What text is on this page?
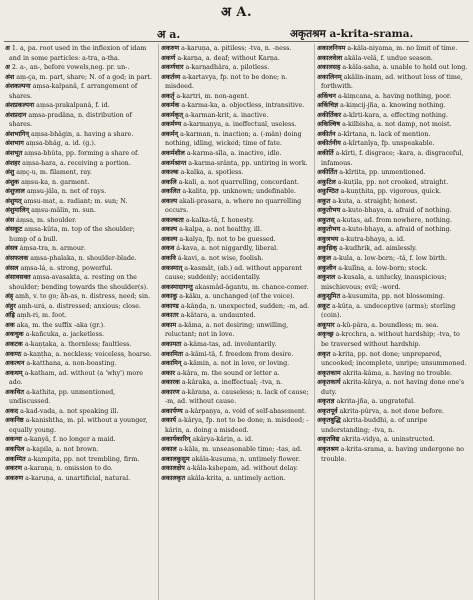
अ A.
अ a.	अकृतश्रम a-krita-srama.

अ 1. a, pa. root used in the inflexion of idam and in some particles: a-tra, a-tha.

अ 2. a-, an-, before vowels,neg. pr. un-.

अंश aṃ-ça, m. part, share; N. of a god; in part.

अंशकल्पना aṃsa-kalpanâ, f. arrangement of shares.

अंशप्रकल्पना aṃsa-prakalpanâ, f. id.

अंशप्रदान aṃsa-pradâna, n. distribution of shares.

अंशभागिन् aṃsa-bhâgin, a. having a share.

अंशभाग aṃsa-bhâg, a. id. (g.).

अंशभूत aṃsa-bhûta, pp. forming a share of.

अंशहर aṃsa-hara, a. receiving a portion.

अंशु aṃç-u, m. filament, ray.

अंशुक aṃsu-ka, n. garment.

अंशुजाल aṃsu-jâla, n. net of rays.

अंशुमत् aṃsu-mat, a. radiant; m. sun; N.

अंशुमालिन् aṃsu-mâlin, m. sun.

अंस áṃsa, m. shoulder.

अंसकूट aṃsa-kûta, m. top of the shoulder; hump of a bull.

अंसत्र áṃsa-tra, n. armour.

अंसफलक aṃsa-phalaka, n. shoulder-blade.

अंसल aṃsa-lá, a. strong, powerful.

अंसावसक्त aṃsa-avasakta, a. resting on the shoulder; bending towards the shoulder(s).

अंह् aṃh, v. to go; ǎh-as, n. distress, need; sin.

अंहुर aṃh-urá, a. distressed; anxious; close.

अंह्रि aṃh-ri, m. foot.

अक aka, m. the suffix -aka (gr.).

अकचुक a-kañcuka, a. jacketless.

अकटक a-kaṇṭaka, a. thornless; faultless.

अकण्ठ a-kaṇṭha, a. neckless; voiceless, hoarse.

अकत्थन a-katthana, a. non-boasting.

अकथम् a-katham, ad. without (a 'why') more ado.

अकथित a-kathita, pp. unmentioned, undiscussed.

अकद a-kad-vada, a. not speaking ill.

अकनिष्ठ a-kanishtha, m. pl. without a younger, equally young.

अकन्या a-kanyâ, f. no longer a maid.

अकपिल a-kapila, a. not brown.

अकम्पित a-kampita, pp. not trembling, firm.

अकरण a-karaṇa, n. omission to do.

अकरुण a-karuṇa, a. unartificial, natural.

अकरुण a-karuṇa, a. pitiless; -tva, n. -ness.

अकर्ण a-karṇa, a. deaf; without Karṇa.

अकर्णधार a-karṇadhâra, a. pilotless.

अकर्तव्य a-kartavya, fp. not to be done; n. misdeed.

अकर्तृ a-kartri, m. non-agent.

अकर्मक a-karma-ka, a. objectless, intransitive.

अकर्मकृत् a-karman-krit, a. inactive.

अकर्मण्य a-karmaṇya, a. ineffectual, useless.

अकर्मन् a-karman, n. inaction; a. (-mân) doing nothing, idling, wicked; time of fate.

अकर्मशील a-karma-sîla, a. inactive, idle.

अकर्मश्रान्त a-karma-srânta, pp. untiring in work.

अकल्क a-kalka, a. spotless.

अकलि a-kali, a. not quarrelling, concordant.

अकलित a-kalita, pp. unknown; undefinable.

अकल्प akali-prasara, a. where no quarrelling occurs.

अकल्कता a-kalka-tâ, f. honesty.

अकल्प a-kalpa, a. not healthy, ill.

अकल्य a-kalya, fp. not to be guessed.

अकव á-kava, a. not niggardly, liberal.

अकवि á-kavi, a. not wise, foolish.

अकस्मात् a-kasmât, (ab.) ad. without apparent cause; suddenly; accidentally.

अकस्मादागन्तु akasmâd-âgantu, m. chance-comer.

अकाकु a-kâku, a. unchanged (of the voice).

अकाण्ड a-kâṇḍa, n. unexpected, sudden; -m, ad.

अकातर a-kâtara, a. undaunted.

अकाम a-kâma, a. not desiring; unwilling, reluctant; not in love.

अकामता a-kâma-tas, ad. involuntarily.

अकामिता a-kâmi-tâ, f. freedom from desire.

अकामिन् a-kâmin, a. not in love, or loving.

अकार a-kâra, m. the sound or letter a.

अकारक a-kâraka, a. ineffectual; -tva, n.

अकारण a-kâraṇa, a. causeless; n. lack of cause; -m, ad. without cause.

अकार्पण्य a-kârpaṇya, a. void of self-abasement.

अकार्य a-kârya, fp. not to be done; n. misdeed; -kârin, a. doing a misdeed.

अकार्यकारिन् akârya-kârin, a. id.

अकाल a-kâla, m. unseasonable time; -tas, ad.

अकालकुसुम akâla-kusuma, n. untimely flower.

अकालक्षेप a-kâla-kshepam, ad. without delay.

अकालकृत akâla-krita, a. untimely action.

अकालनियम a-kâla-niyama, m. no limit of time.

अकालवेला akâla-velâ, f. undue season.

अकालसह a-kâla-saha, a. unable to hold out long.

अकालिनम् akâlin-inam, ad. without loss of time, forthwith.

अकिंचन a-kiṃcana, a. having nothing, poor.

अकिंचिज्ञ a-kiṃcij-jña, a. knowing nothing.

अकीर्तिकर a-kîrti-kara, a. effecting nothing.

अकिल्विष a-kilbisha, a. not damp, not moist.

अकीर्तन a-kîrtana, n. lack of mention.

अकीर्तनीय a-kîrtanîya, fp. unspeakable.

अकीर्ति a-kîrti, f. disgrace; -kara, a. disgraceful, infamous.

अकीर्तित a-kîrtita, pp. unmentioned.

अकुटिल a-kuṭila, pp. not crooked, straight.

अकुण्ठित a-kuṇṭhita, pp. vigorous, quick.

अकुत a-kuta, a. straight; honest.

अकुतोभय a-kuto-bhaya, a. afraid of nothing.

अकुतस् a-kutas, ad. from nowhere, nothing.

अकुतोभय a-kuto-bhaya, a. afraid of nothing.

अकुत्रभय a-kutra-bhaya, a. id.

अकुध्रिक् a-kudhrik, ad. aimlessly.

अकुल a-kula, a. low-born; -tâ, f. low birth.

अकुलीन a-kulîna, a. low-born; stock.

अकुशल a-kusala, a. unlucky, inauspicious; mischievous; evil; -word.

अकुसुमित a-kusumita, pp. not blossoming.

अकूट a-kûṭa, a. undeceptive (arms); sterling (coin).

अकूपार a-kû-pâra, a. boundless; m. sea.

अकृच्छ्र a-kṛcchra, a. without hardship; -tva, to be traversed without hardship.

अकृत a-krita, pp. not done; unprepared, uncooked; incomplete, unripe; unsummoned.

अकृतकाम akrita-kâma, a. having no trouble.

अकृतकार्य akrita-kârya, a. not having done one's duty.

अकृतज्ञ akrita-jña, a. ungrateful.

अकृतपूर्व akrita-pûrva, a. not done before.

अकृतबुद्धि akrita-buddhi, a. of unripe understanding; -tva, n.

अकृतविद्य akrita-vidya, a. uninstructed.

अकृतश्रम a-krita-srama, a. having undergone no trouble.
